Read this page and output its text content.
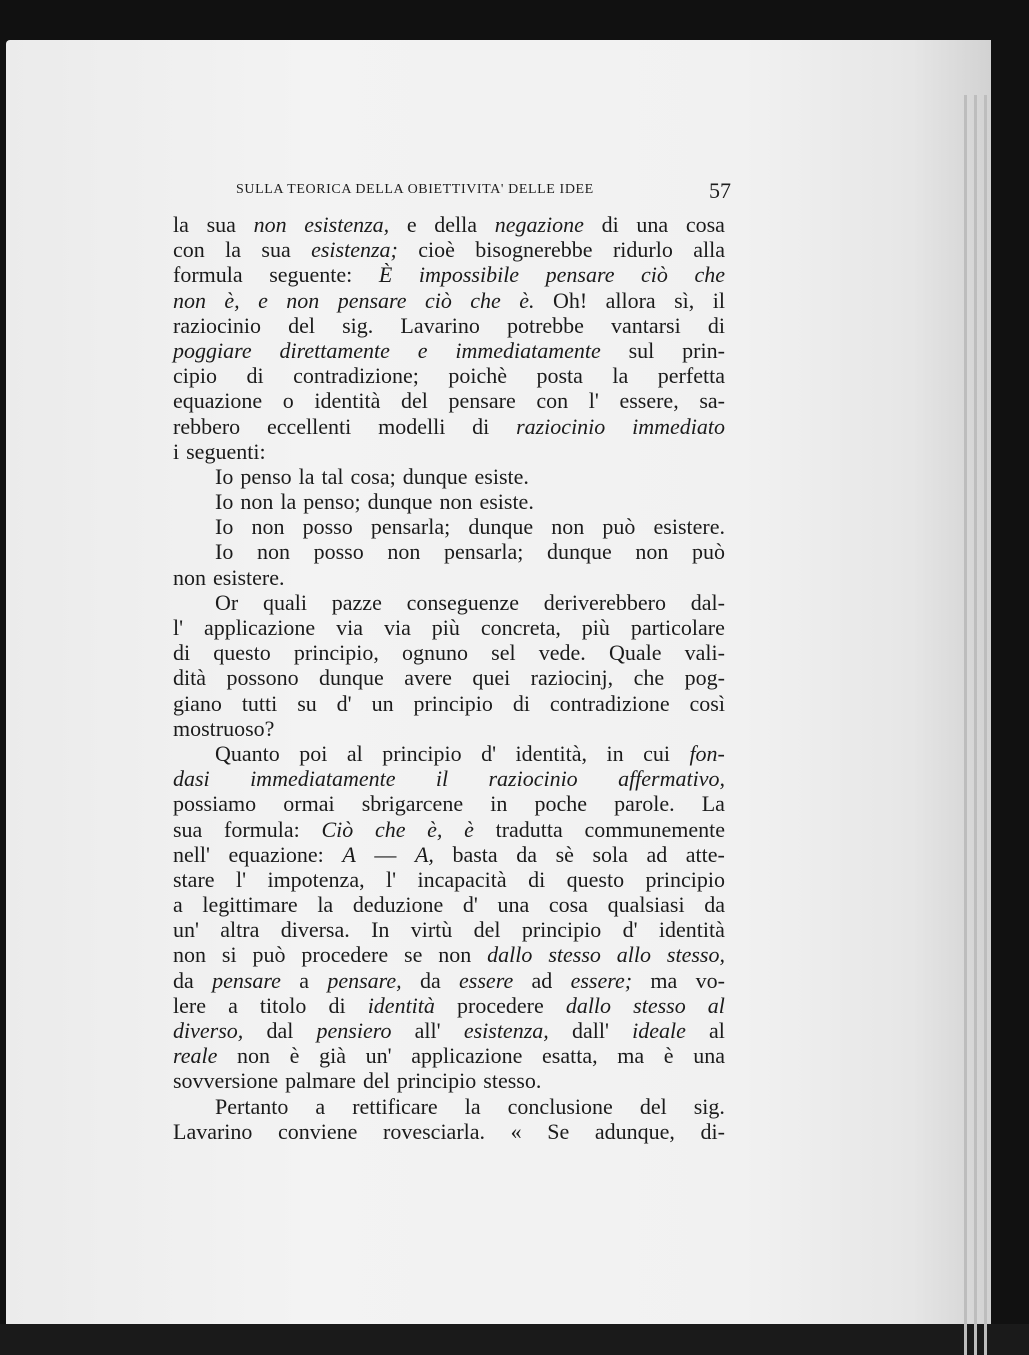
SULLA TEORICA DELLA OBIETTIVITA' DELLE IDEE	57
la sua non esistenza, e della negazione di una cosa
con la sua esistenza; cioè bisognerebbe ridurlo alla
formula seguente: È impossibile pensare ciò che
non è, e non pensare ciò che è. Oh! allora sì, il
raziocinio del sig. Lavarino potrebbe vantarsi di
poggiare direttamente e immediatamente sul prin-
cipio di contradizione; poichè posta la perfetta
equazione o identità del pensare con l' essere, sa-
rebbero eccellenti modelli di raziocinio immediato
i seguenti:
Io penso la tal cosa; dunque esiste.
Io non la penso; dunque non esiste.
Io non posso pensarla; dunque non può esistere.
Io non posso non pensarla; dunque non può
non esistere.
Or quali pazze conseguenze deriverebbero dal-
l' applicazione via via più concreta, più particolare
di questo principio, ognuno sel vede. Quale vali-
dità possono dunque avere quei raziocinj, che pog-
giano tutti su d' un principio di contradizione così
mostruoso?
Quanto poi al principio d' identità, in cui fon-
dasi immediatamente il raziocinio affermativo,
possiamo ormai sbrigarcene in poche parole. La
sua formula: Ciò che è, è tradutta communemente
nell' equazione: A — A, basta da sè sola ad atte-
stare l' impotenza, l' incapacità di questo principio
a legittimare la deduzione d' una cosa qualsiasi da
un' altra diversa. In virtù del principio d' identità
non si può procedere se non dallo stesso allo stesso,
da pensare a pensare, da essere ad essere; ma vo-
lere a titolo di identità procedere dallo stesso al
diverso, dal pensiero all' esistenza, dall' ideale al
reale non è già un' applicazione esatta, ma è una
sovversione palmare del principio stesso.
Pertanto a rettificare la conclusione del sig.
Lavarino conviene rovesciarla. « Se adunque, di-
